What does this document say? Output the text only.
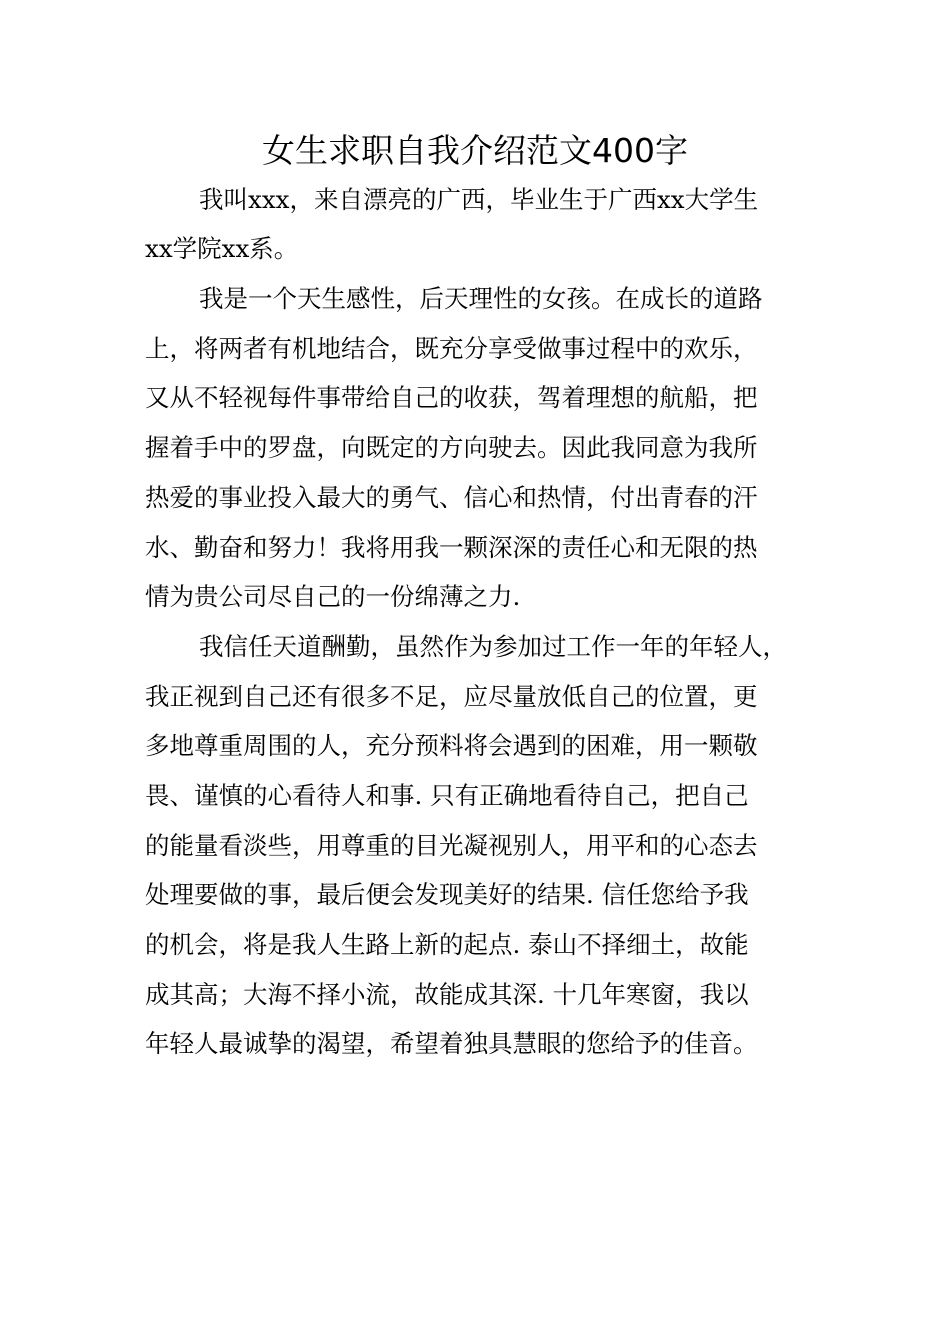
女生求职自我介绍范文400字

我叫xxx，来自漂亮的广西，毕业生于广西xx大学生

xx学院xx系。

我是一个天生感性，后天理性的女孩。在成长的道路

上，将两者有机地结合，既充分享受做事过程中的欢乐，

又从不轻视每件事带给自己的收获，驾着理想的航船，把

握着手中的罗盘，向既定的方向驶去。因此我同意为我所

热爱的事业投入最大的勇气、信心和热情，付出青春的汗

水、勤奋和努力！我将用我一颗深深的责任心和无限的热

情为贵公司尽自己的一份绵薄之力.

我信任天道酬勤，虽然作为参加过工作一年的年轻人，

我正视到自己还有很多不足，应尽量放低自己的位置，更

多地尊重周围的人，充分预料将会遇到的困难，用一颗敬

畏、谨慎的心看待人和事. 只有正确地看待自己，把自己

的能量看淡些，用尊重的目光凝视别人，用平和的心态去

处理要做的事，最后便会发现美好的结果. 信任您给予我

的机会，将是我人生路上新的起点. 泰山不择细土，故能

成其高；大海不择小流，故能成其深. 十几年寒窗，我以

年轻人最诚挚的渴望，希望着独具慧眼的您给予的佳音。
